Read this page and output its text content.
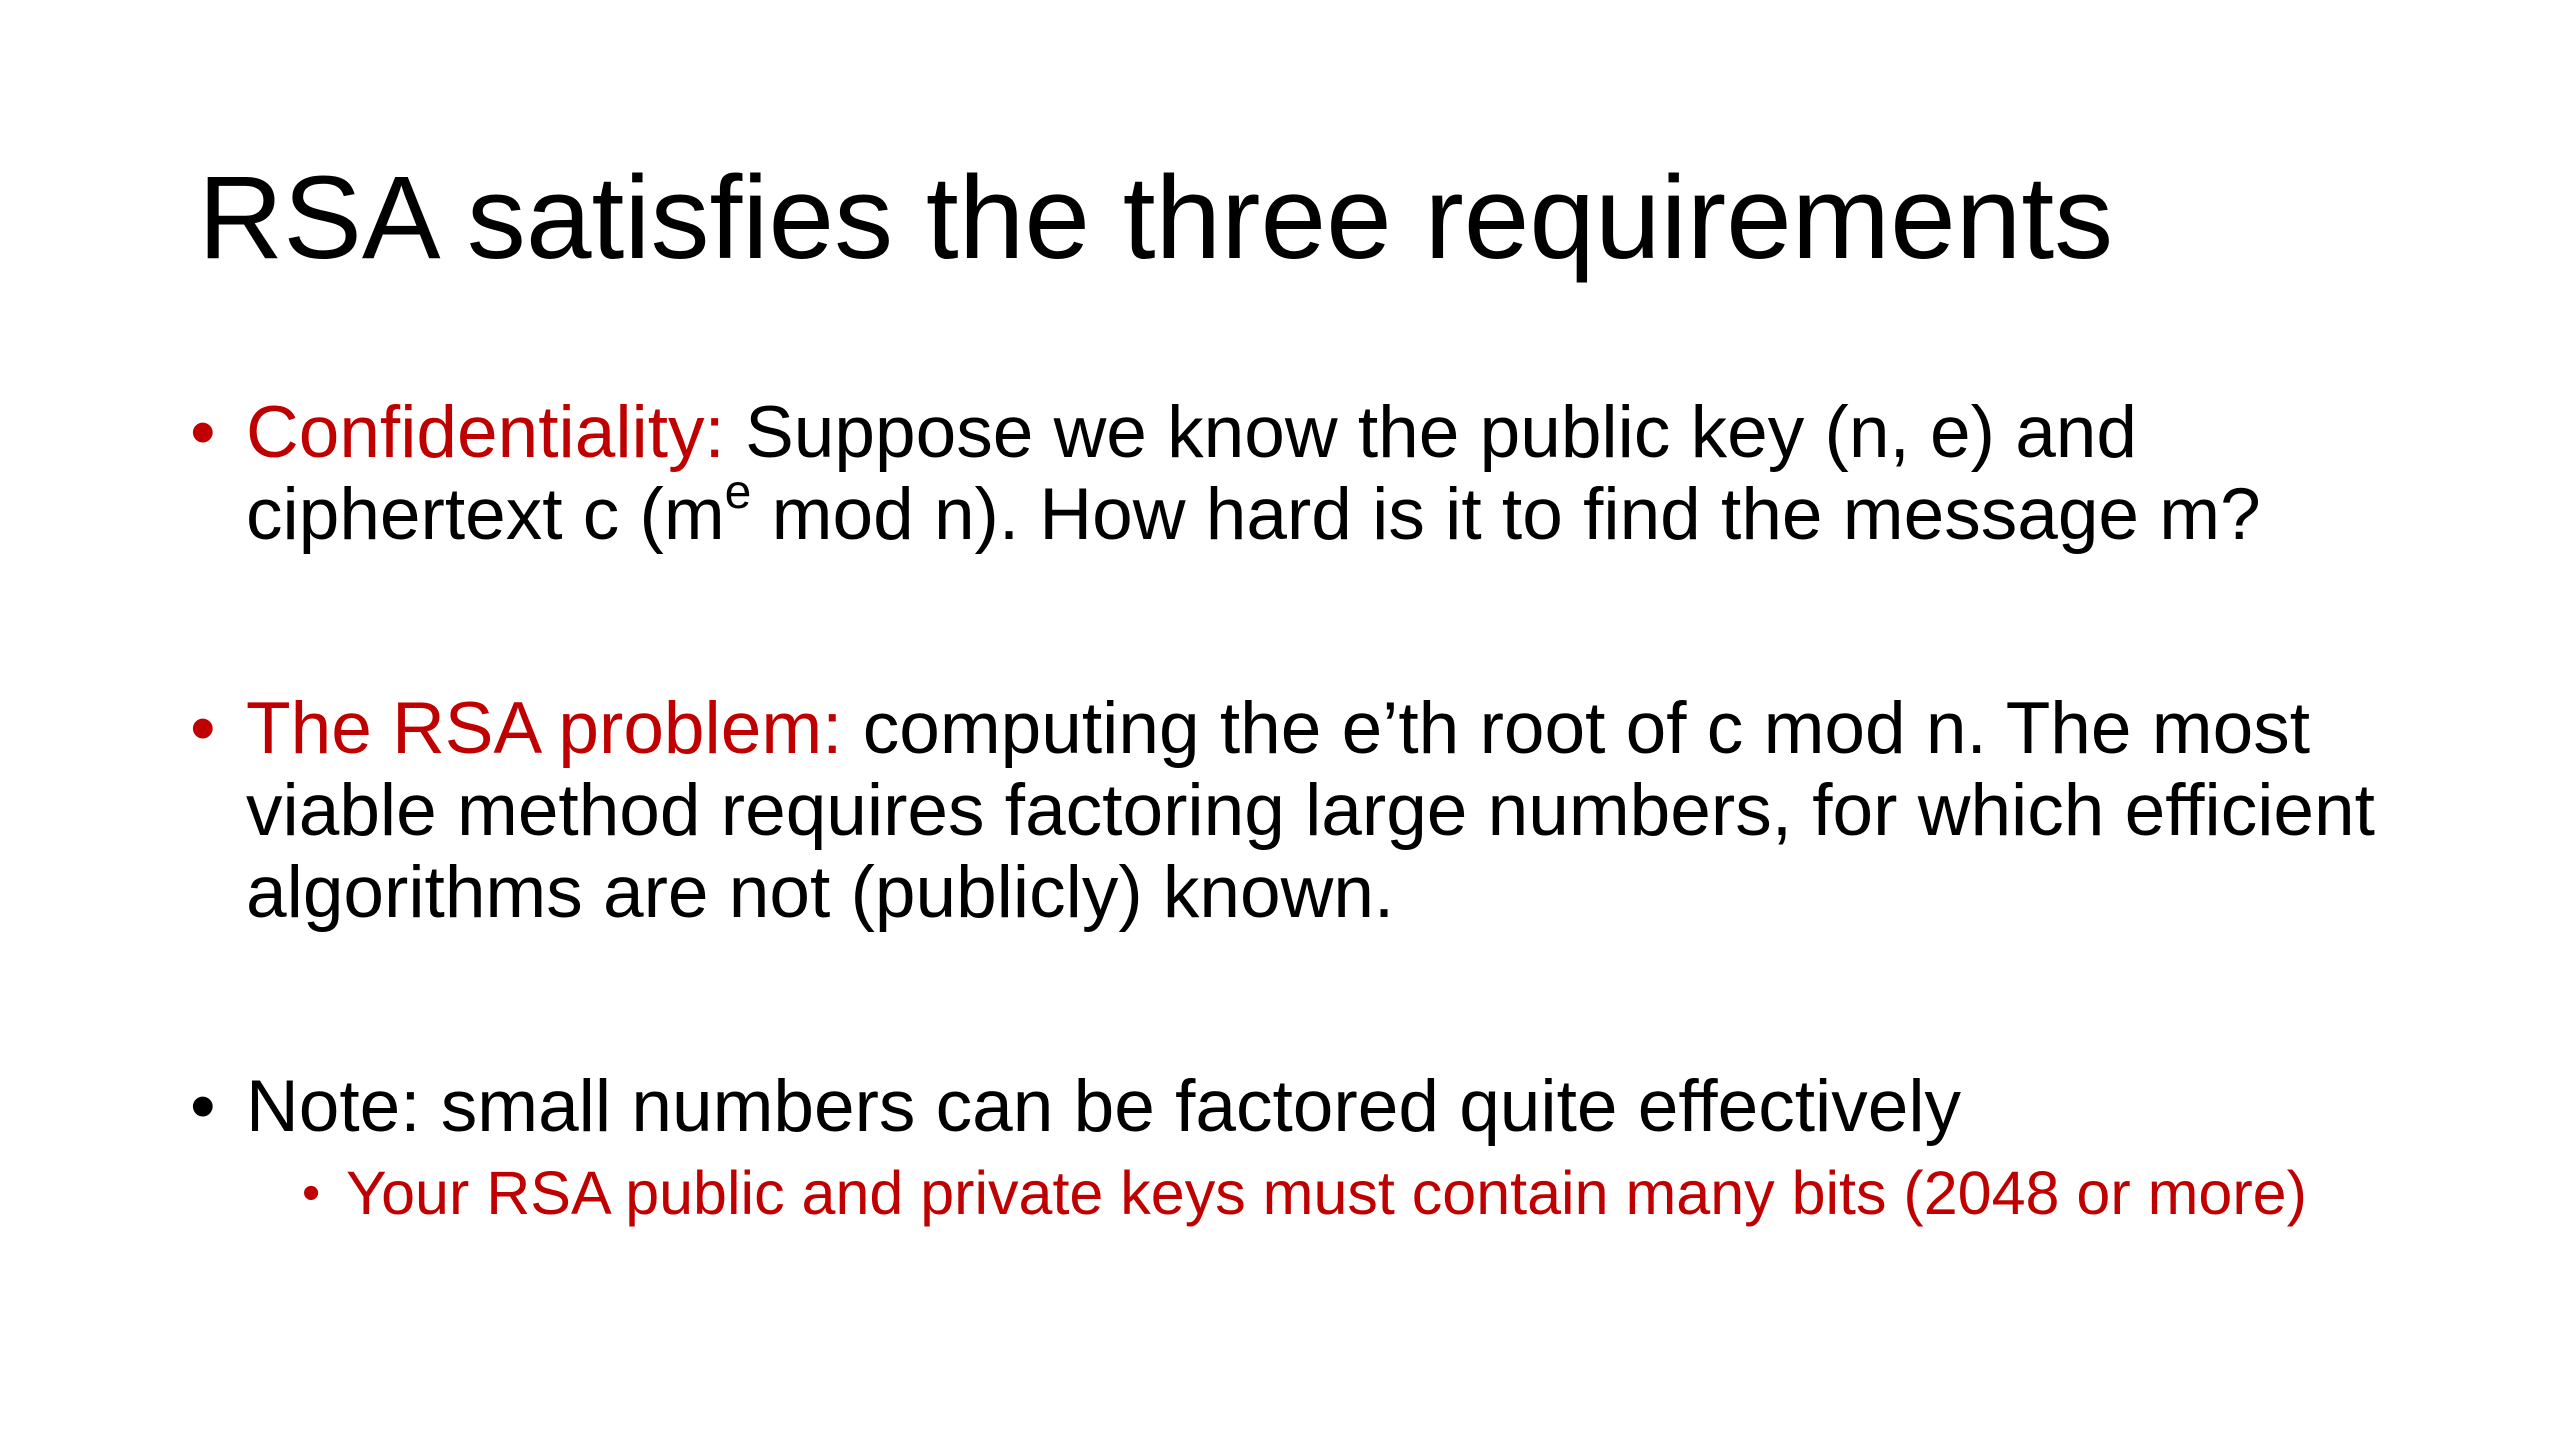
RSA satisfies the three requirements
• Confidentiality: Suppose we know the public key (n, e) and ciphertext c ($m^e$ mod n). How hard is it to find the message m?
• The RSA problem: computing the e’th root of c mod n. The most viable method requires factoring large numbers, for which efficient algorithms are not (publicly) known.
• Note: small numbers can be factored quite effectively
• Your RSA public and private keys must contain many bits (2048 or more)
